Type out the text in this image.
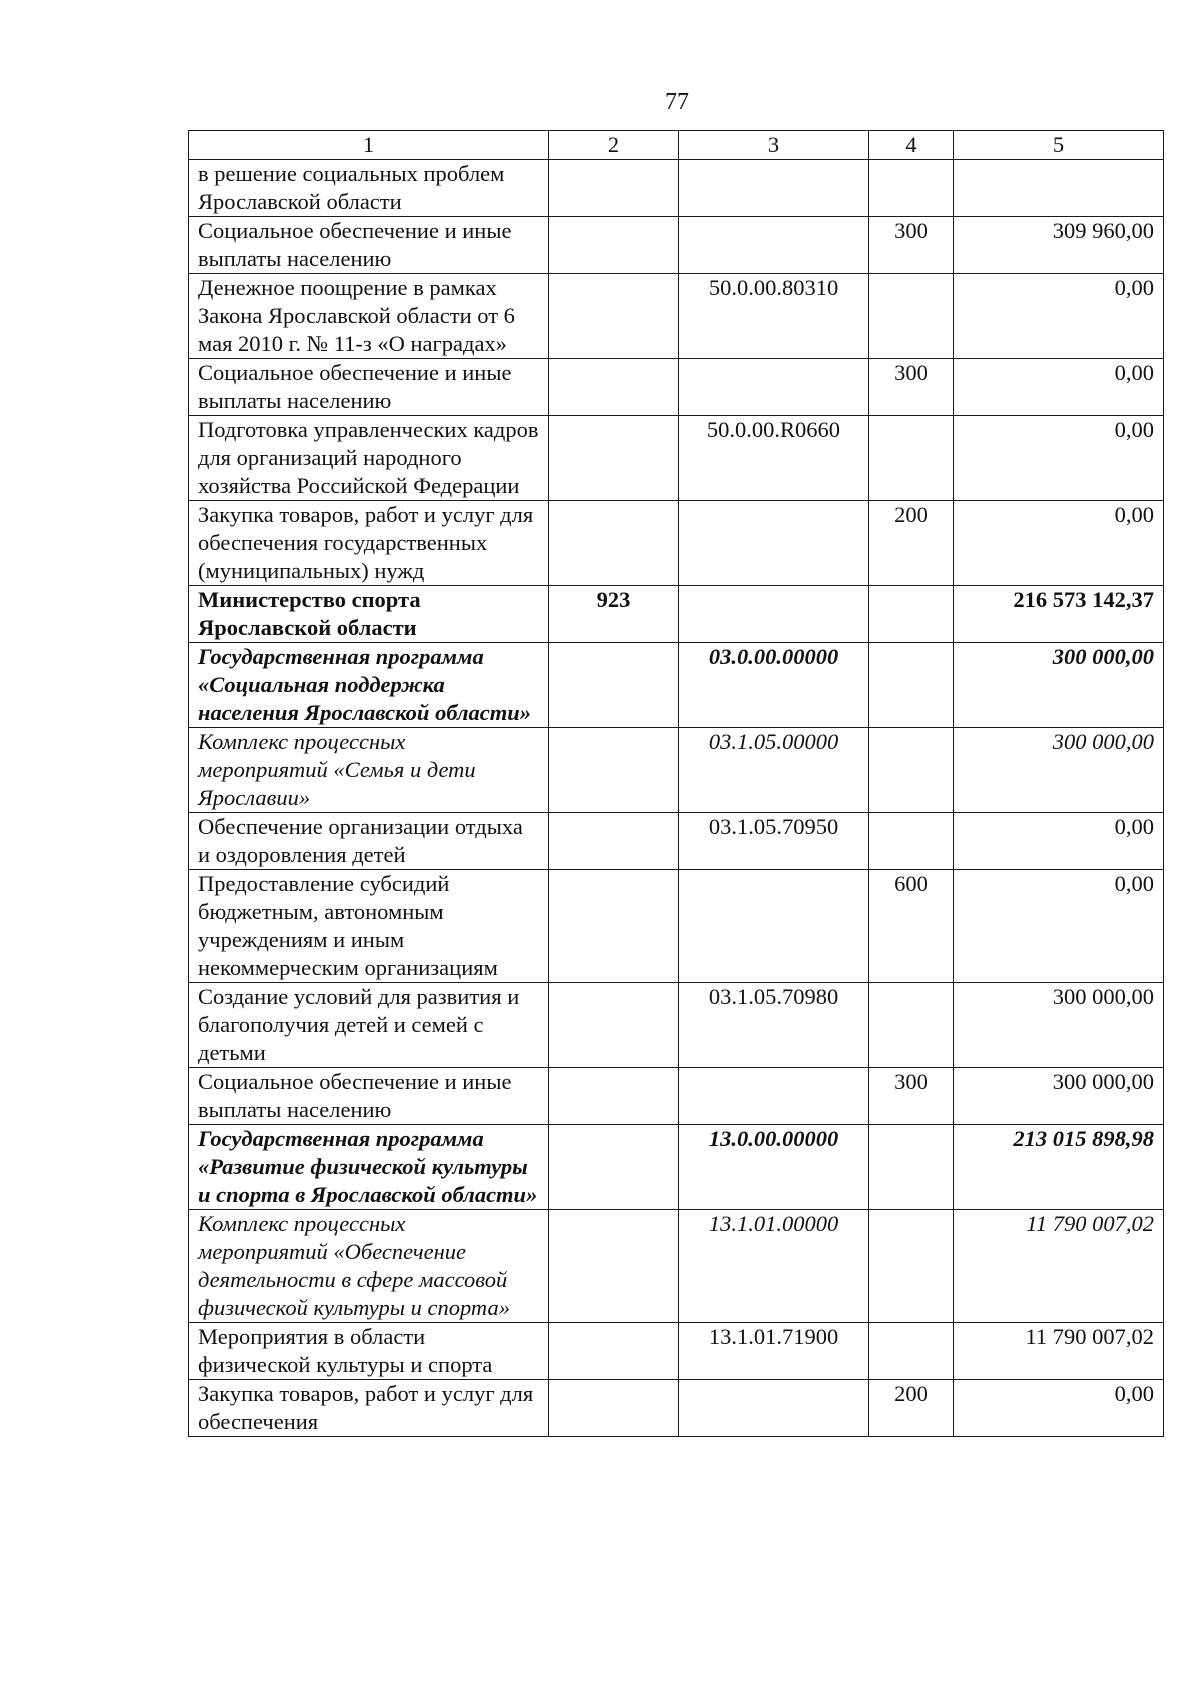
77
1	2	3	4	5
в решение социальных проблем Ярославской области				
Социальное обеспечение и иные выплаты населению			300	309 960,00
Денежное поощрение в рамках Закона Ярославской области от 6 мая 2010 г. № 11-з «О наградах»		50.0.00.80310		0,00
Социальное обеспечение и иные выплаты населению			300	0,00
Подготовка управленческих кадров для организаций народного хозяйства Российской Федерации		50.0.00.R0660		0,00
Закупка товаров, работ и услуг для обеспечения государственных (муниципальных) нужд			200	0,00
Министерство спорта Ярославской области	923			216 573 142,37
Государственная программа «Социальная поддержка населения Ярославской области»		03.0.00.00000		300 000,00
Комплекс процессных мероприятий «Семья и дети Ярославии»		03.1.05.00000		300 000,00
Обеспечение организации отдыха и оздоровления детей		03.1.05.70950		0,00
Предоставление субсидий бюджетным, автономным учреждениям и иным некоммерческим организациям			600	0,00
Создание условий для развития и благополучия детей и семей с детьми		03.1.05.70980		300 000,00
Социальное обеспечение и иные выплаты населению			300	300 000,00
Государственная программа «Развитие физической культуры и спорта в Ярославской области»		13.0.00.00000		213 015 898,98
Комплекс процессных мероприятий «Обеспечение деятельности в сфере массовой физической культуры и спорта»		13.1.01.00000		11 790 007,02
Мероприятия в области физической культуры и спорта		13.1.01.71900		11 790 007,02
Закупка товаров, работ и услуг для обеспечения			200	0,00
